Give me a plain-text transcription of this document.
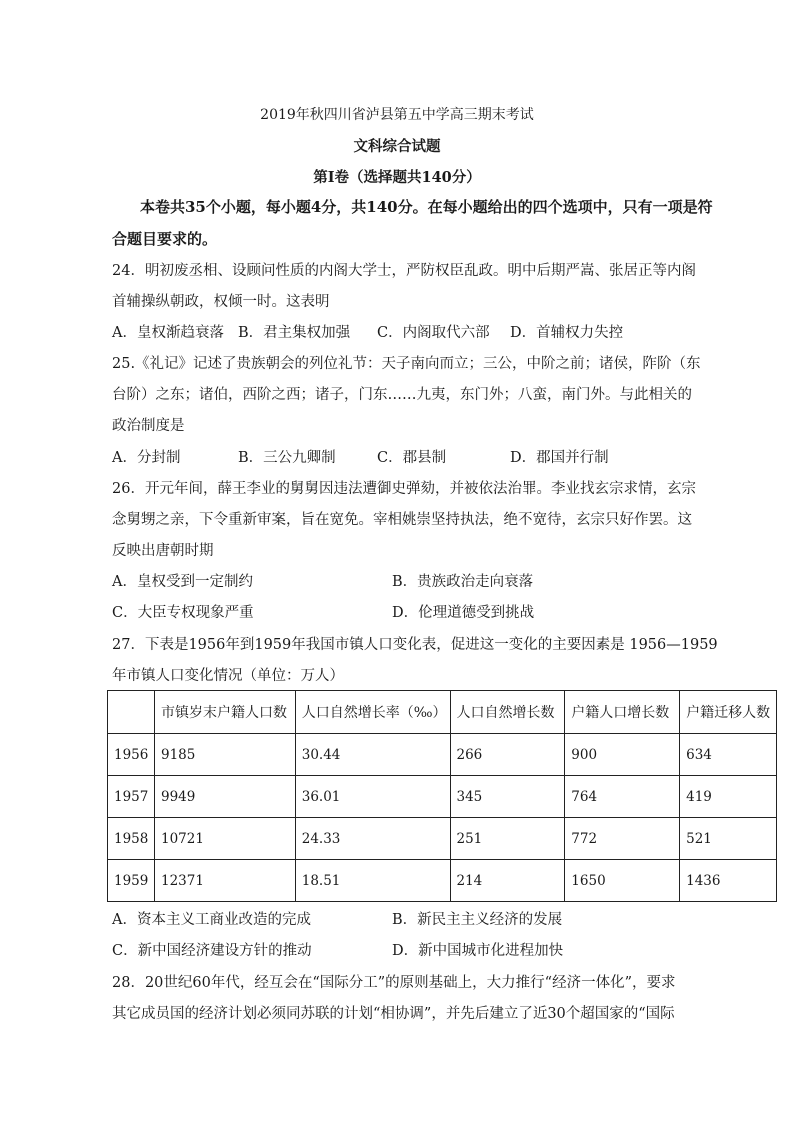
2019年秋四川省泸县第五中学高三期末考试
文科综合试题
第Ⅰ卷（选择题共140分）
本卷共35个小题，每小题4分，共140分。在每小题给出的四个选项中，只有一项是符
合题目要求的。
24．明初废丞相、设顾问性质的内阁大学士，严防权臣乱政。明中后期严嵩、张居正等内阁
首辅操纵朝政，权倾一时。这表明
A．皇权渐趋衰落 B．君主集权加强 C．内阁取代六部 D．首辅权力失控
25.《礼记》记述了贵族朝会的列位礼节：天子南向而立；三公，中阶之前；诸侯，阼阶（东
台阶）之东；诸伯，西阶之西；诸子，门东……九夷，东门外；八蛮，南门外。与此相关的
政治制度是
A．分封制	B．三公九卿制	C．郡县制	D．郡国并行制
26．开元年间，薛王李业的舅舅因违法遭御史弹劾，并被依法治罪。李业找玄宗求情，玄宗
念舅甥之亲，下令重新审案，旨在宽免。宰相姚崇坚持执法，绝不宽待，玄宗只好作罢。这
反映出唐朝时期
A．皇权受到一定制约	B．贵族政治走向衰落
C．大臣专权现象严重	D．伦理道德受到挑战
27．下表是1956年到1959年我国市镇人口变化表，促进这一变化的主要因素是 1956—1959
年市镇人口变化情况（单位：万人）
	市镇岁末户籍人口数	人口自然增长率（‰）	人口自然增长数	户籍人口增长数	户籍迁移人数
1956	9185	30.44	266	900	634
1957	9949	36.01	345	764	419
1958	10721	24.33	251	772	521
1959	12371	18.51	214	1650	1436
A．资本主义工商业改造的完成	B．新民主主义经济的发展
C．新中国经济建设方针的推动	D．新中国城市化进程加快
28．20世纪60年代，经互会在“国际分工”的原则基础上，大力推行“经济一体化”，要求
其它成员国的经济计划必须同苏联的计划“相协调”，并先后建立了近30个超国家的“国际
